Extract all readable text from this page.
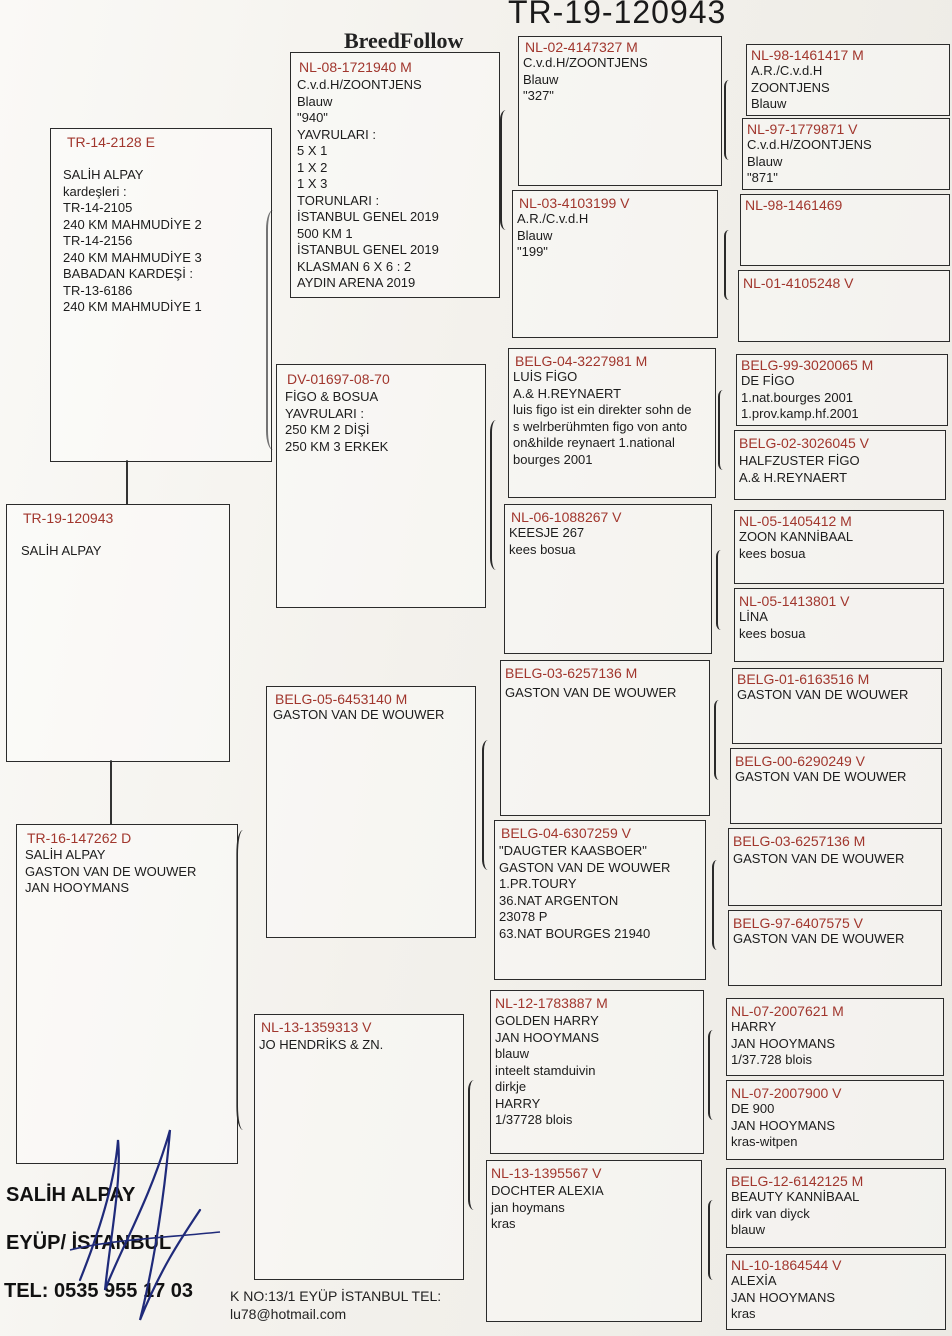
TR-19-120943
BreedFollow
TR-14-2128 E
SALİH ALPAY
kardeşleri :
TR-14-2105
240 KM MAHMUDİYE 2
TR-14-2156
240 KM MAHMUDİYE 3
BABADAN KARDEŞİ :
TR-13-6186
240 KM MAHMUDİYE 1
TR-19-120943
SALİH ALPAY
TR-16-147262 D
SALİH ALPAY
GASTON VAN DE WOUWER
JAN HOOYMANS
NL-08-1721940 M
C.v.d.H/ZOONTJENS
Blauw
"940"
YAVRULARI :
5 X 1
1 X 2
1 X 3
TORUNLARI :
İSTANBUL GENEL 2019
500 KM 1
İSTANBUL GENEL 2019
KLASMAN 6 X 6 : 2
AYDIN ARENA 2019
DV-01697-08-70
FİGO & BOSUA
YAVRULARI :
250 KM 2 DİŞİ
250 KM 3 ERKEK
BELG-05-6453140 M
GASTON VAN DE WOUWER
NL-13-1359313 V
JO HENDRİKS & ZN.
NL-02-4147327 M
C.v.d.H/ZOONTJENS
Blauw
"327"
NL-03-4103199 V
A.R./C.v.d.H
Blauw
"199"
BELG-04-3227981 M
LUİS FİGO
A.& H.REYNAERT
luis figo ist ein direkter sohn de
s welrberühmten figo von anto
on&hilde reynaert 1.national
bourges 2001
NL-06-1088267 V
KEESJE 267
kees bosua
BELG-03-6257136 M
GASTON VAN DE WOUWER
BELG-04-6307259 V
"DAUGTER KAASBOER"
GASTON VAN DE WOUWER
1.PR.TOURY
36.NAT ARGENTON
23078 P
63.NAT BOURGES 21940
NL-12-1783887 M
GOLDEN HARRY
JAN HOOYMANS
blauw
inteelt stamduivin
dirkje
HARRY
1/37728 blois
NL-13-1395567 V
DOCHTER ALEXIA
jan hoymans
kras
NL-98-1461417 M
A.R./C.v.d.H
ZOONTJENS
Blauw
NL-97-1779871 V
C.v.d.H/ZOONTJENS
Blauw
"871"
NL-98-1461469
NL-01-4105248 V
BELG-99-3020065 M
DE FİGO
1.nat.bourges 2001
1.prov.kamp.hf.2001
BELG-02-3026045 V
HALFZUSTER FİGO
A.& H.REYNAERT
NL-05-1405412 M
ZOON KANNİBAAL
kees bosua
NL-05-1413801 V
LİNA
kees bosua
BELG-01-6163516 M
GASTON VAN DE WOUWER
BELG-00-6290249 V
GASTON VAN DE WOUWER
BELG-03-6257136 M
GASTON VAN DE WOUWER
BELG-97-6407575 V
GASTON VAN DE WOUWER
NL-07-2007621 M
HARRY
JAN HOOYMANS
1/37.728 blois
NL-07-2007900 V
DE 900
JAN HOOYMANS
kras-witpen
BELG-12-6142125 M
BEAUTY KANNİBAAL
dirk van diyck
blauw
NL-10-1864544 V
ALEXİA
JAN HOOYMANS
kras
SALİH ALPAY
EYÜP/ İSTANBUL
TEL: 0535 955 17 03	K NO:13/1 EYÜP İSTANBUL TEL:
lu78@hotmail.com
